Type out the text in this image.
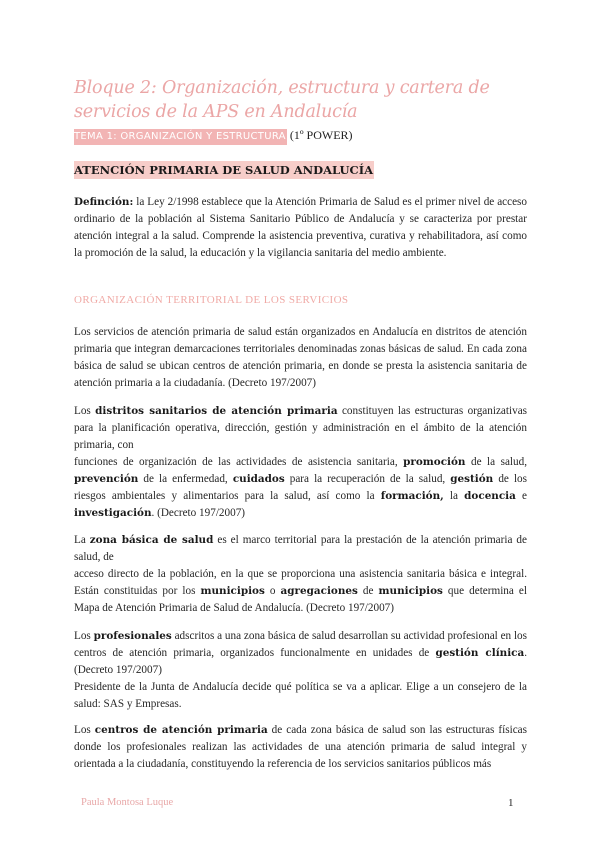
Bloque 2: Organización, estructura y cartera de servicios de la APS en Andalucía
TEMA 1: ORGANIZACIÓN Y ESTRUCTURA (1º POWER)
ATENCIÓN PRIMARIA DE SALUD ANDALUCÍA
Definción: la Ley 2/1998 establece que la Atención Primaria de Salud es el primer nivel de acceso ordinario de la población al Sistema Sanitario Público de Andalucía y se caracteriza por prestar atención integral a la salud. Comprende la asistencia preventiva, curativa y rehabilitadora, así como la promoción de la salud, la educación y la vigilancia sanitaria del medio ambiente.
ORGANIZACIÓN TERRITORIAL DE LOS SERVICIOS
Los servicios de atención primaria de salud están organizados en Andalucía en distritos de atención primaria que integran demarcaciones territoriales denominadas zonas básicas de salud. En cada zona básica de salud se ubican centros de atención primaria, en donde se presta la asistencia sanitaria de atención primaria a la ciudadanía. (Decreto 197/2007)
Los distritos sanitarios de atención primaria constituyen las estructuras organizativas para la planificación operativa, dirección, gestión y administración en el ámbito de la atención primaria, con
funciones de organización de las actividades de asistencia sanitaria, promoción de la salud, prevención de la enfermedad, cuidados para la recuperación de la salud, gestión de los riesgos ambientales y alimentarios para la salud, así como la formación, la docencia e investigación. (Decreto 197/2007)
La zona básica de salud es el marco territorial para la prestación de la atención primaria de salud, de
acceso directo de la población, en la que se proporciona una asistencia sanitaria básica e integral. Están constituidas por los municipios o agregaciones de municipios que determina el Mapa de Atención Primaria de Salud de Andalucía. (Decreto 197/2007)
Los profesionales adscritos a una zona básica de salud desarrollan su actividad profesional en los centros de atención primaria, organizados funcionalmente en unidades de gestión clínica. (Decreto 197/2007)
Presidente de la Junta de Andalucía decide qué política se va a aplicar. Elige a un consejero de la salud: SAS y Empresas.
Los centros de atención primaria de cada zona básica de salud son las estructuras físicas donde los profesionales realizan las actividades de una atención primaria de salud integral y orientada a la ciudadanía, constituyendo la referencia de los servicios sanitarios públicos más
Paula Montosa Luque	1
